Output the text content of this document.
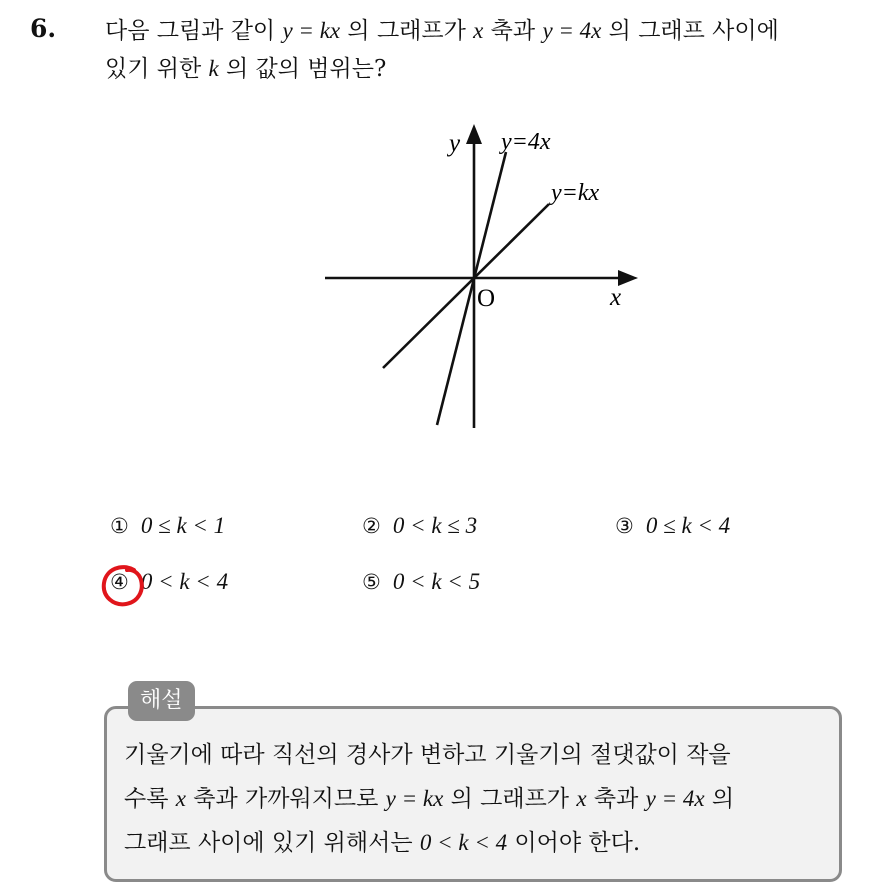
6. 다음 그림과 같이 y = kx 의 그래프가 x 축과 y = 4x 의 그래프 사이에
있기 위한 k 의 값의 범위는?
y y=4x
y=kx
O	x
① 0 ≤ k < 1	② 0 < k ≤ 3	③ 0 ≤ k < 4
④ 0 < k < 4	⑤ 0 < k < 5
해설
기울기에 따라 직선의 경사가 변하고 기울기의 절댓값이 작을
수록 x 축과 가까워지므로 y = kx 의 그래프가 x 축과 y = 4x 의
그래프 사이에 있기 위해서는 0 < k < 4 이어야 한다.
